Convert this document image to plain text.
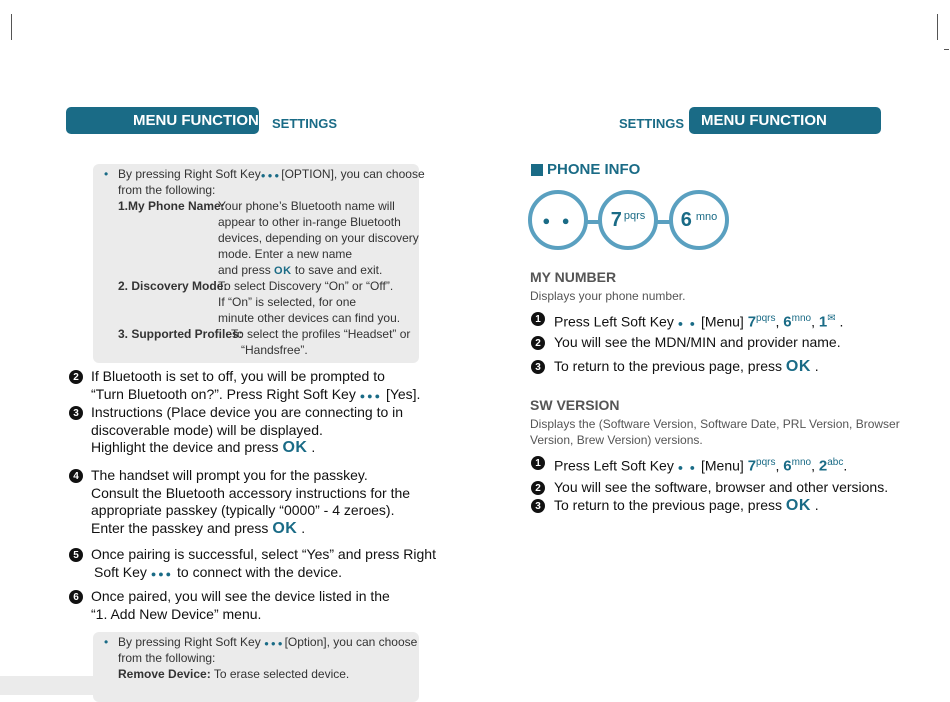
MENU FUNCTION SETTINGS	SETTINGS MENU FUNCTION
• By pressing Right Soft Key●●●[OPTION], you can choose
from the following:
1.My Phone Name:
Your phone’s Bluetooth name will
appear to other in-range Bluetooth
devices, depending on your discovery
mode. Enter a new name
and press OK to save and exit.
2. Discovery Mode:
To select Discovery “On” or “Off”.
If “On” is selected, for one
minute other devices can find you.
3. Supported Profiles:
To select the profiles “Headset” or
“Handsfree”.
2 If Bluetooth is set to off, you will be prompted to
“Turn Bluetooth on?”. Press Right Soft Key ●●● [Yes].
3 Instructions (Place device you are connecting to in
discoverable mode) will be displayed.
Highlight the device and press OK .
4 The handset will prompt you for the passkey.
Consult the Bluetooth accessory instructions for the
appropriate passkey (typically “0000” - 4 zeroes).
Enter the passkey and press OK .
5 Once pairing is successful, select “Yes” and press Right
Soft Key ●●● to connect with the device.
6 Once paired, you will see the device listed in the
“1. Add New Device” menu.
• By pressing Right Soft Key ●●●[Option], you can choose
from the following:
Remove Device: To erase selected device.
PHONE INFO
● ● 7 pqrs 6 mno
MY NUMBER
Displays your phone number.
1 Press Left Soft Key ● ● [Menu] $7^{pqrs}$, $6^{mno}$, 1✉ .
2 You will see the MDN/MIN and provider name.
3 To return to the previous page, press OK .
SW VERSION
Displays the (Software Version, Software Date, PRL Version, Browser
Version, Brew Version) versions.
1 Press Left Soft Key ● ● [Menu] $7^{pqrs}$, $6^{mno}$, $2^{abc}$.
2 You will see the software, browser and other versions.
3 To return to the previous page, press OK .
